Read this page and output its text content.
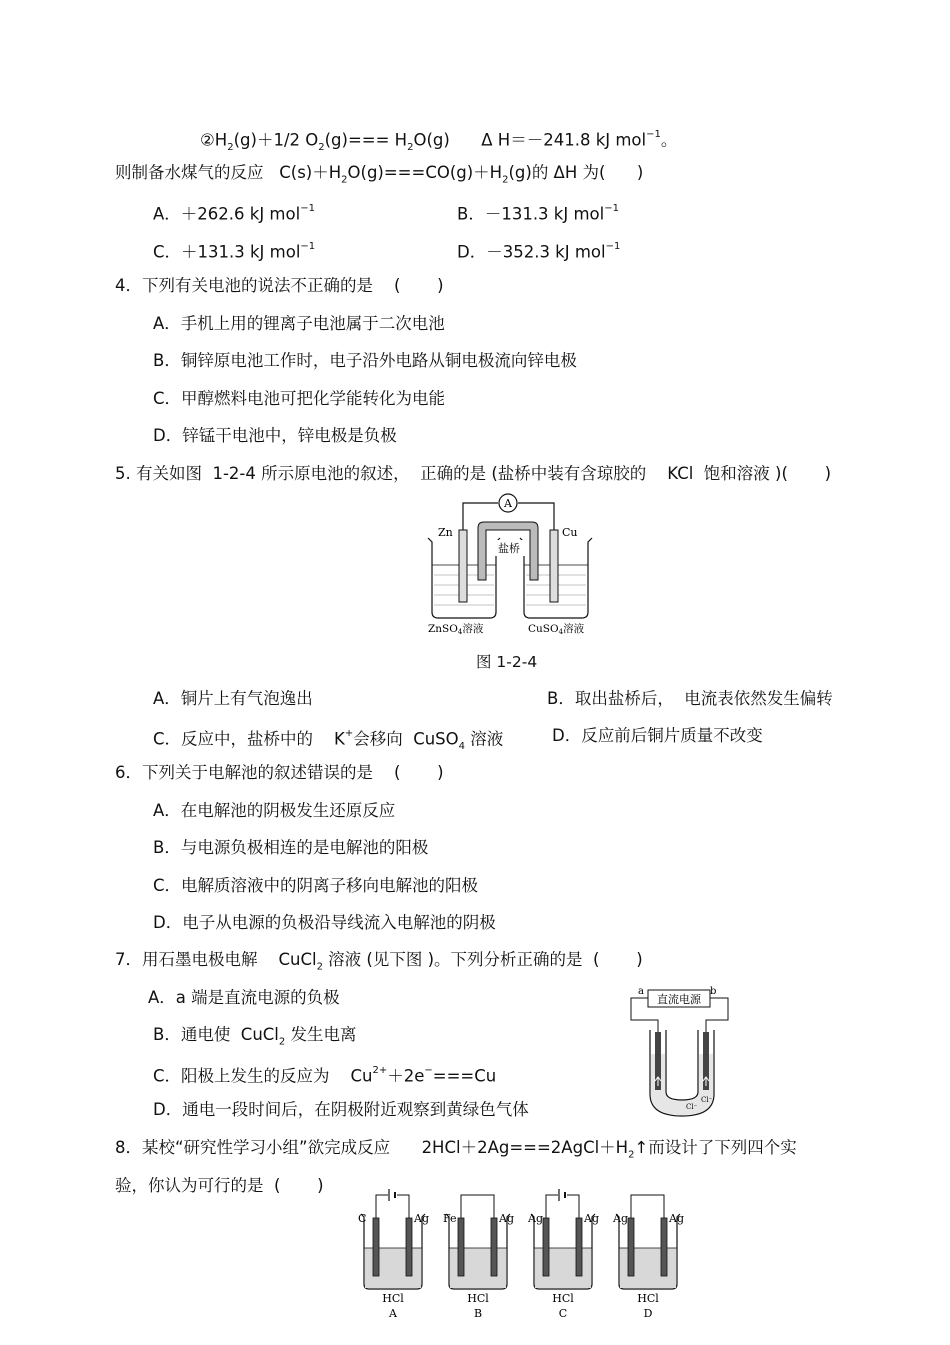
$②H_2(g)+1/2$ $O_2(g)=== H_2O(g)$      Δ H＝－241.8 kJ mol$^{-1}$。
则制备水煤气的反应   $C(s)+H_2O(g)===CO(g)+H_2(g)$的 ΔH 为(      )
A．＋262.6 kJ mol$^{-1}$	B．－131.3 kJ mol$^{-1}$
C．＋131.3 kJ mol$^{-1}$	D．－352.3 kJ mol$^{-1}$
4．下列有关电池的说法不正确的是    (       )
A．手机上用的锂离子电池属于二次电池
B．铜锌原电池工作时，电子沿外电路从铜电极流向锌电极
C．甲醇燃料电池可把化学能转化为电能
D．锌锰干电池中，锌电极是负极
5. 有关如图  1-2-4 所示原电池的叙述，  正确的是 (盐桥中装有含琼胶的    KCl  饱和溶液 )(       )
A
盐桥
Zn	Cu
ZnSO4溶液	CuSO4溶液
图 1-2-4
A．铜片上有气泡逸出	B．取出盐桥后，  电流表依然发生偏转
C．反应中，盐桥中的    K+会移向  CuSO$_4$ 溶液	D．反应前后铜片质量不改变
6．下列关于电解池的叙述错误的是    (       )
A．在电解池的阴极发生还原反应
B．与电源负极相连的是电解池的阳极
C．电解质溶液中的阴离子移向电解池的阳极
D．电子从电源的负极沿导线流入电解池的阴极
7．用石墨电极电解    CuCl$_2$ 溶液 (见下图 )。下列分析正确的是  (       )
A．a 端是直流电源的负极
B．通电使  CuCl$_2$ 发生电离
C．阳极上发生的反应为    $Cu^{2+}+2e^-===Cu$
D．通电一段时间后，在阴极附近观察到黄绿色气体
a	b
直流电源
Cl⁻
Cl⁻
8．某校“研究性学习小组”欲完成反应      $2HCl+2Ag===2AgCl+H_2↑$而设计了下列四个实
验，你认为可行的是  (       )
C	Ag
HCl
A
Fe	Ag
HCl
B
Ag	Ag
HCl
C
Ag	Ag
HCl
D
